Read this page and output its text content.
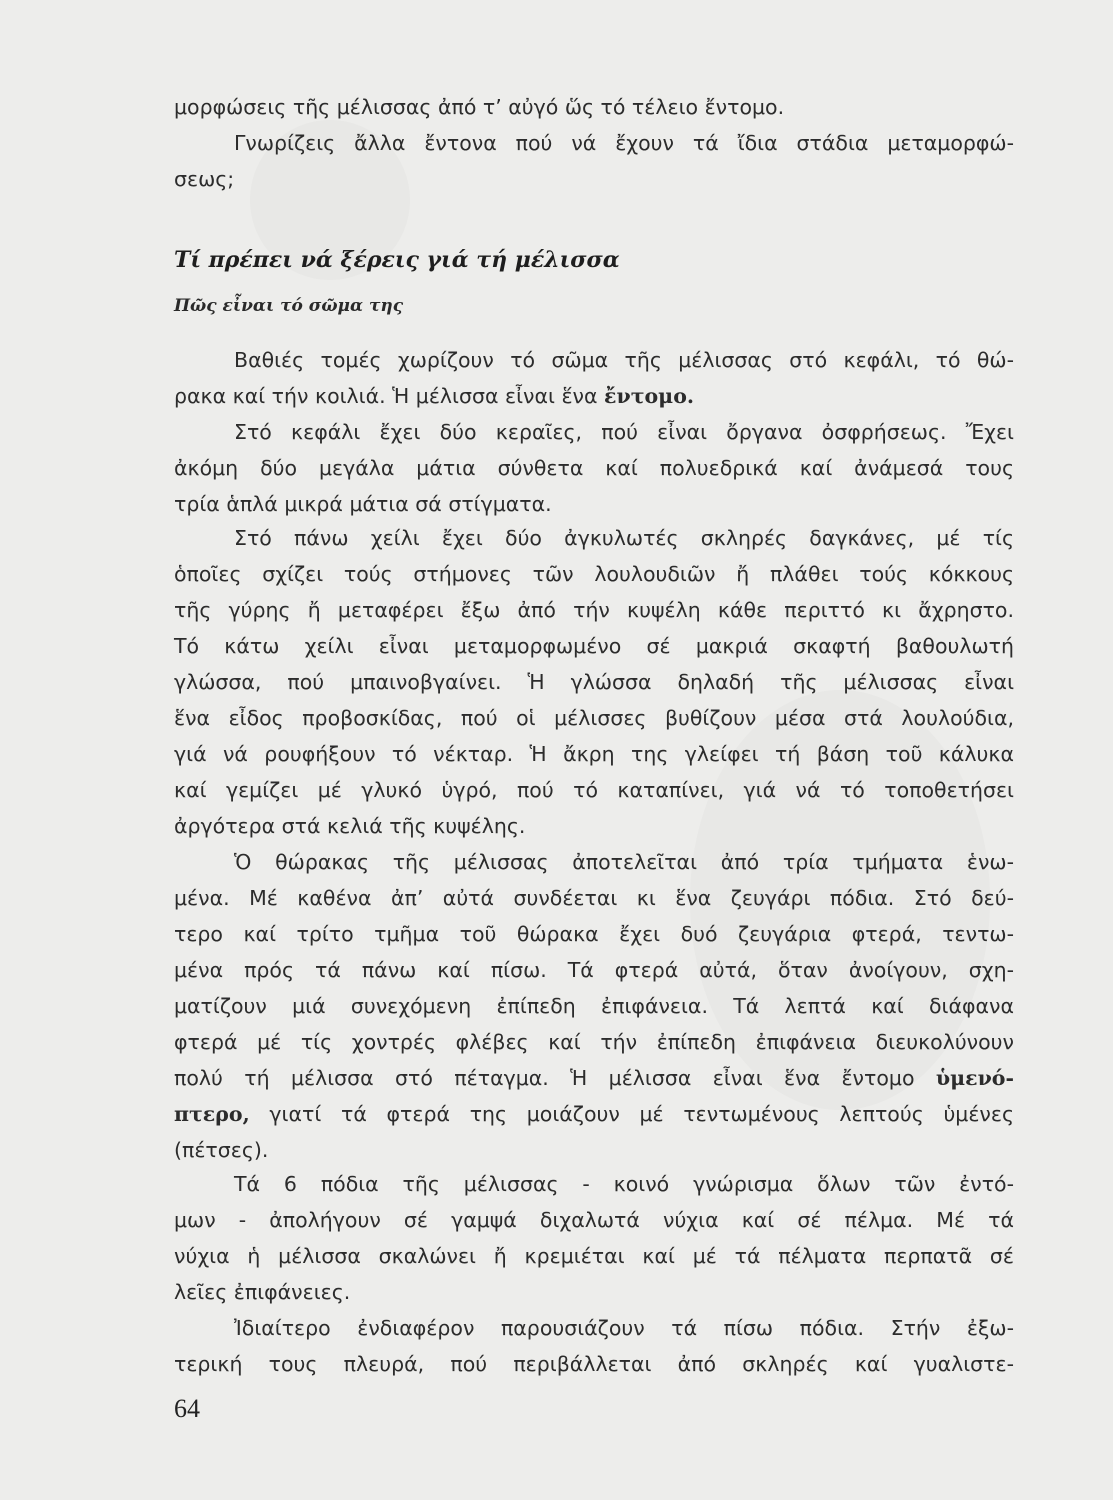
μορφώσεις τῆς μέλισσας ἀπό τ’ αὐγό ὥς τό τέλειο ἔντομο.
Γνωρίζεις ἄλλα ἔντονα πού νά ἔχουν τά ἴδια στάδια μεταμορφώ-
σεως;
Βαθιές τομές χωρίζουν τό σῶμα τῆς μέλισσας στό κεφάλι, τό θώ-
ρακα καί τήν κοιλιά. Ἡ μέλισσα εἶναι ἕνα ἔντομο.
Στό κεφάλι ἔχει δύο κεραῖες, πού εἶναι ὄργανα ὀσφρήσεως. Ἔχει
ἀκόμη δύο μεγάλα μάτια σύνθετα καί πολυεδρικά καί ἀνάμεσά τους
τρία ἁπλά μικρά μάτια σά στίγματα.
Στό πάνω χείλι ἔχει δύο ἀγκυλωτές σκληρές δαγκάνες, μέ τίς
ὁποῖες σχίζει τούς στήμονες τῶν λουλουδιῶν ἤ πλάθει τούς κόκκους
τῆς γύρης ἤ μεταφέρει ἔξω ἀπό τήν κυψέλη κάθε περιττό κι ἄχρηστο.
Τό κάτω χείλι εἶναι μεταμορφωμένο σέ μακριά σκαφτή βαθουλωτή
γλώσσα, πού μπαινοβγαίνει. Ἡ γλώσσα δηλαδή τῆς μέλισσας εἶναι
ἕνα εἶδος προβοσκίδας, πού οἱ μέλισσες βυθίζουν μέσα στά λουλούδια,
γιά νά ρουφήξουν τό νέκταρ. Ἡ ἄκρη της γλείφει τή βάση τοῦ κάλυκα
καί γεμίζει μέ γλυκό ὑγρό, πού τό καταπίνει, γιά νά τό τοποθετήσει
ἀργότερα στά κελιά τῆς κυψέλης.
Ὁ θώρακας τῆς μέλισσας ἀποτελεῖται ἀπό τρία τμήματα ἑνω-
μένα. Μέ καθένα ἀπ’ αὐτά συνδέεται κι ἕνα ζευγάρι πόδια. Στό δεύ-
τερο καί τρίτο τμῆμα τοῦ θώρακα ἔχει δυό ζευγάρια φτερά, τεντω-
μένα πρός τά πάνω καί πίσω. Τά φτερά αὐτά, ὅταν ἀνοίγουν, σχη-
ματίζουν μιά συνεχόμενη ἐπίπεδη ἐπιφάνεια. Τά λεπτά καί διάφανα
φτερά μέ τίς χοντρές φλέβες καί τήν ἐπίπεδη ἐπιφάνεια διευκολύνουν
πολύ τή μέλισσα στό πέταγμα. Ἡ μέλισσα εἶναι ἕνα ἔντομο ὑμενό-
πτερο, γιατί τά φτερά της μοιάζουν μέ τεντωμένους λεπτούς ὑμένες
(πέτσες).
Τά 6 πόδια τῆς μέλισσας - κοινό γνώρισμα ὅλων τῶν ἐντό-
μων - ἀπολήγουν σέ γαμψά διχαλωτά νύχια καί σέ πέλμα. Μέ τά
νύχια ἡ μέλισσα σκαλώνει ἤ κρεμιέται καί μέ τά πέλματα περπατᾶ σέ
λεῖες ἐπιφάνειες.
Ἰδιαίτερο ἐνδιαφέρον παρουσιάζουν τά πίσω πόδια. Στήν ἐξω-
τερική τους πλευρά, πού περιβάλλεται ἀπό σκληρές καί γυαλιστε-
Τί πρέπει νά ξέρεις γιά τή μέλισσα
Πῶς εἶναι τό σῶμα της
64
